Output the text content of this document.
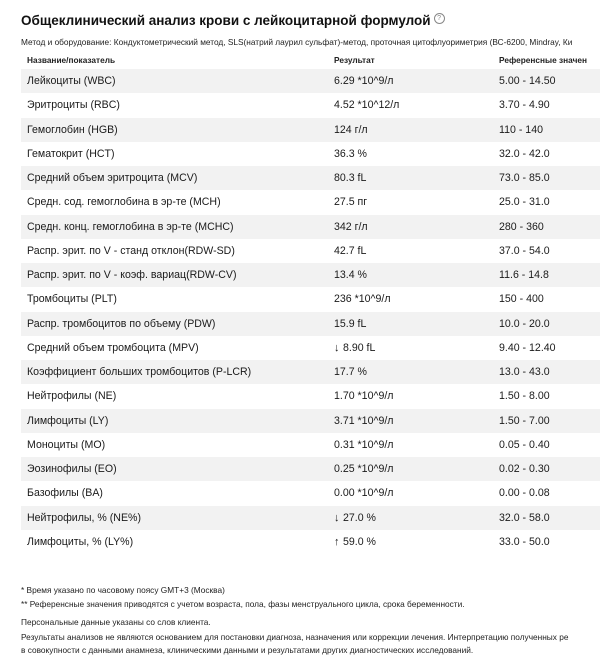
Общеклинический анализ крови с лейкоцитарной формулой ?
Метод и оборудование: Кондуктометрический метод, SLS(натрий лаурил сульфат)-метод, проточная цитофлуориметрия (ВС-6200, Mindray, Ки
Название/показатель	Результат	Референсные значен
Лейкоциты (WBC)	6.29 *10^9/л	5.00 - 14.50
Эритроциты (RBC)	4.52 *10^12/л	3.70 - 4.90
Гемоглобин (HGB)	124 г/л	110 - 140
Гематокрит (HCT)	36.3 %	32.0 - 42.0
Средний объем эритроцита (MCV)	80.3 fL	73.0 - 85.0
Средн. сод. гемоглобина в эр-те (MCH)	27.5 пг	25.0 - 31.0
Средн. конц. гемоглобина в эр-те (MCHC)	342 г/л	280 - 360
Распр. эрит. по V - станд отклон(RDW-SD)	42.7 fL	37.0 - 54.0
Распр. эрит. по V - коэф. вариац(RDW-CV)	13.4 %	11.6 - 14.8
Тромбоциты (PLT)	236 *10^9/л	150 - 400
Распр. тромбоцитов по объему (PDW)	15.9 fL	10.0 - 20.0
Средний объем тромбоцита (MPV)	↓ 8.90 fL	9.40 - 12.40
Коэффициент больших тромбоцитов (P-LCR)	17.7 %	13.0 - 43.0
Нейтрофилы (NE)	1.70 *10^9/л	1.50 - 8.00
Лимфоциты (LY)	3.71 *10^9/л	1.50 - 7.00
Моноциты (MO)	0.31 *10^9/л	0.05 - 0.40
Эозинофилы (EO)	0.25 *10^9/л	0.02 - 0.30
Базофилы (BA)	0.00 *10^9/л	0.00 - 0.08
Нейтрофилы, % (NE%)	↓ 27.0 %	32.0 - 58.0
Лимфоциты, % (LY%)	↑ 59.0 %	33.0 - 50.0
* Время указано по часовому поясу GMT+3 (Москва)
** Референсные значения приводятся с учетом возраста, пола, фазы менструального цикла, срока беременности.
Персональные данные указаны со слов клиента.
Результаты анализов не являются основанием для постановки диагноза, назначения или коррекции лечения. Интерпретацию полученных ре
в совокупности с данными анамнеза, клиническими данными и результатами других диагностических исследований.
